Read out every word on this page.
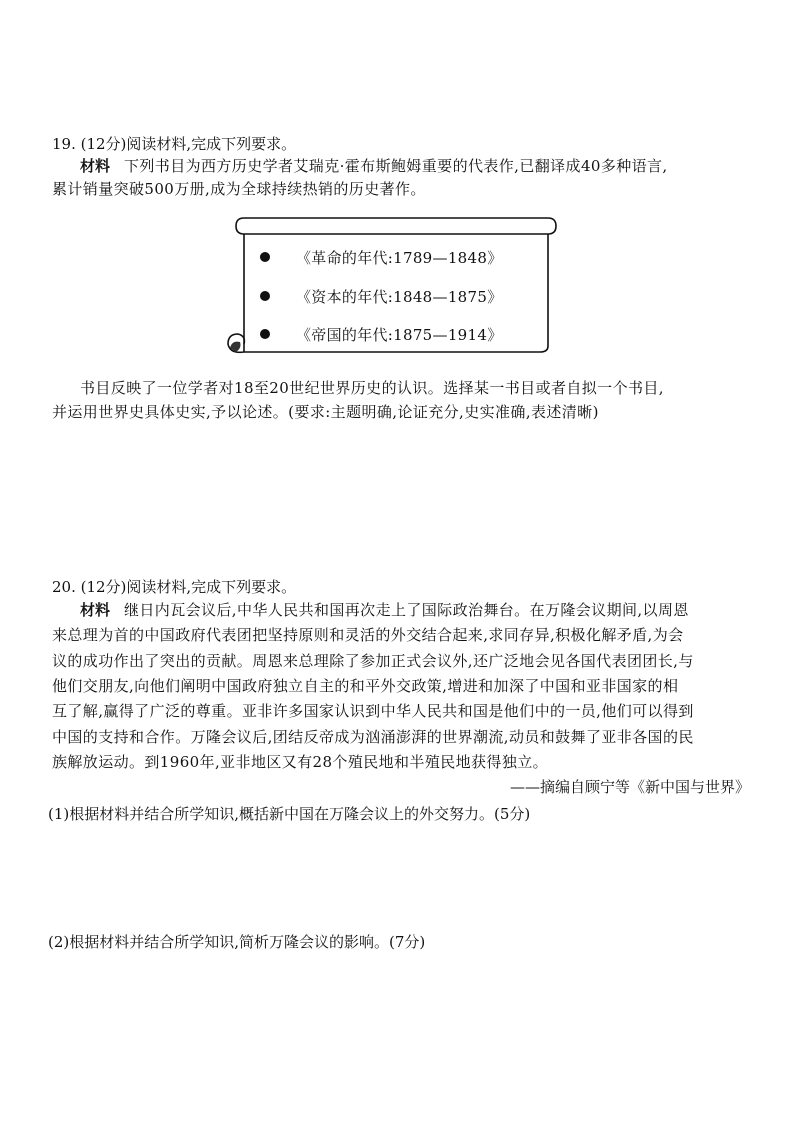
19. (12分)阅读材料,完成下列要求。
材料 下列书目为西方历史学者艾瑞克·霍布斯鲍姆重要的代表作,已翻译成40多种语言,
累计销量突破500万册,成为全球持续热销的历史著作。
《革命的年代:1789—1848》
《资本的年代:1848—1875》
《帝国的年代:1875—1914》
书目反映了一位学者对18至20世纪世界历史的认识。选择某一书目或者自拟一个书目,
并运用世界史具体史实,予以论述。(要求:主题明确,论证充分,史实准确,表述清晰)
20. (12分)阅读材料,完成下列要求。
材料 继日内瓦会议后,中华人民共和国再次走上了国际政治舞台。在万隆会议期间,以周恩
来总理为首的中国政府代表团把坚持原则和灵活的外交结合起来,求同存异,积极化解矛盾,为会
议的成功作出了突出的贡献。周恩来总理除了参加正式会议外,还广泛地会见各国代表团团长,与
他们交朋友,向他们阐明中国政府独立自主的和平外交政策,增进和加深了中国和亚非国家的相
互了解,赢得了广泛的尊重。亚非许多国家认识到中华人民共和国是他们中的一员,他们可以得到
中国的支持和合作。万隆会议后,团结反帝成为汹涌澎湃的世界潮流,动员和鼓舞了亚非各国的民
族解放运动。到1960年,亚非地区又有28个殖民地和半殖民地获得独立。
——摘编自顾宁等《新中国与世界》
(1)根据材料并结合所学知识,概括新中国在万隆会议上的外交努力。(5分)
(2)根据材料并结合所学知识,简析万隆会议的影响。(7分)
